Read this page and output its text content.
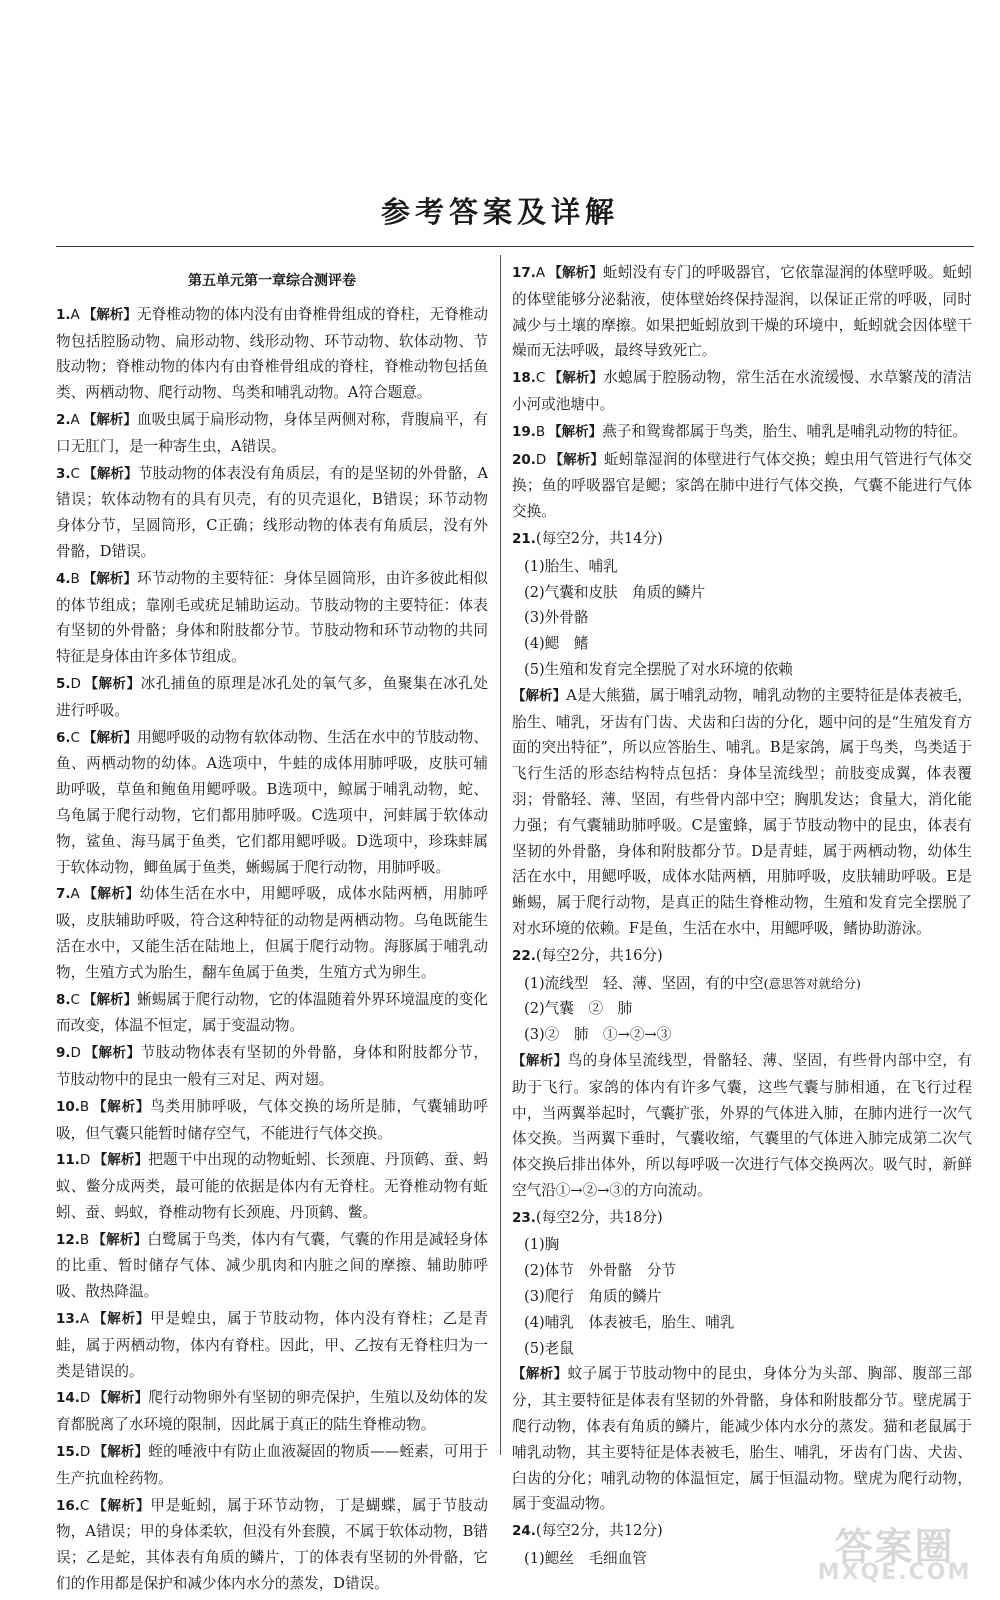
参考答案及详解
第五单元第一章综合测评卷
1.A 【解析】无脊椎动物的体内没有由脊椎骨组成的脊柱，无脊椎动物包括腔肠动物、扁形动物、线形动物、环节动物、软体动物、节肢动物；脊椎动物的体内有由脊椎骨组成的脊柱，脊椎动物包括鱼类、两栖动物、爬行动物、鸟类和哺乳动物。A符合题意。
2.A 【解析】血吸虫属于扁形动物，身体呈两侧对称，背腹扁平，有口无肛门，是一种寄生虫，A错误。
3.C 【解析】节肢动物的体表没有角质层，有的是坚韧的外骨骼，A错误；软体动物有的具有贝壳，有的贝壳退化，B错误；环节动物身体分节，呈圆筒形，C正确；线形动物的体表有角质层，没有外骨骼，D错误。
4.B 【解析】环节动物的主要特征：身体呈圆筒形，由许多彼此相似的体节组成；靠刚毛或疣足辅助运动。节肢动物的主要特征：体表有坚韧的外骨骼；身体和附肢都分节。节肢动物和环节动物的共同特征是身体由许多体节组成。
5.D 【解析】冰孔捕鱼的原理是冰孔处的氧气多，鱼聚集在冰孔处进行呼吸。
6.C 【解析】用鳃呼吸的动物有软体动物、生活在水中的节肢动物、鱼、两栖动物的幼体。A选项中，牛蛙的成体用肺呼吸，皮肤可辅助呼吸，草鱼和鲍鱼用鳃呼吸。B选项中，鲸属于哺乳动物，蛇、乌龟属于爬行动物，它们都用肺呼吸。C选项中，河蚌属于软体动物，鲨鱼、海马属于鱼类，它们都用鳃呼吸。D选项中，珍珠蚌属于软体动物，鲫鱼属于鱼类，蜥蜴属于爬行动物，用肺呼吸。
7.A 【解析】幼体生活在水中，用鳃呼吸，成体水陆两栖，用肺呼吸，皮肤辅助呼吸，符合这种特征的动物是两栖动物。乌龟既能生活在水中，又能生活在陆地上，但属于爬行动物。海豚属于哺乳动物，生殖方式为胎生，翻车鱼属于鱼类，生殖方式为卵生。
8.C 【解析】蜥蜴属于爬行动物，它的体温随着外界环境温度的变化而改变，体温不恒定，属于变温动物。
9.D 【解析】节肢动物体表有坚韧的外骨骼，身体和附肢都分节，节肢动物中的昆虫一般有三对足、两对翅。
10.B 【解析】鸟类用肺呼吸，气体交换的场所是肺，气囊辅助呼吸，但气囊只能暂时储存空气，不能进行气体交换。
11.D 【解析】把题干中出现的动物蚯蚓、长颈鹿、丹顶鹤、蚕、蚂蚁、鳖分成两类，最可能的依据是体内有无脊柱。无脊椎动物有蚯蚓、蚕、蚂蚁，脊椎动物有长颈鹿、丹顶鹤、鳖。
12.B 【解析】白鹭属于鸟类，体内有气囊，气囊的作用是减轻身体的比重、暂时储存气体、减少肌肉和内脏之间的摩擦、辅助肺呼吸、散热降温。
13.A 【解析】甲是蝗虫，属于节肢动物，体内没有脊柱；乙是青蛙，属于两栖动物，体内有脊柱。因此，甲、乙按有无脊柱归为一类是错误的。
14.D 【解析】爬行动物卵外有坚韧的卵壳保护，生殖以及幼体的发育都脱离了水环境的限制，因此属于真正的陆生脊椎动物。
15.D 【解析】蛭的唾液中有防止血液凝固的物质——蛭素，可用于生产抗血栓药物。
16.C 【解析】甲是蚯蚓，属于环节动物，丁是蝴蝶，属于节肢动物，A错误；甲的身体柔软，但没有外套膜，不属于软体动物，B错误；乙是蛇，其体表有角质的鳞片，丁的体表有坚韧的外骨骼，它们的作用都是保护和减少体内水分的蒸发，D错误。
17.A 【解析】蚯蚓没有专门的呼吸器官，它依靠湿润的体壁呼吸。蚯蚓的体壁能够分泌黏液，使体壁始终保持湿润，以保证正常的呼吸，同时减少与土壤的摩擦。如果把蚯蚓放到干燥的环境中，蚯蚓就会因体壁干燥而无法呼吸，最终导致死亡。
18.C 【解析】水螅属于腔肠动物，常生活在水流缓慢、水草繁茂的清洁小河或池塘中。
19.B 【解析】燕子和鸳鸯都属于鸟类，胎生、哺乳是哺乳动物的特征。
20.D 【解析】蚯蚓靠湿润的体壁进行气体交换；蝗虫用气管进行气体交换；鱼的呼吸器官是鳃；家鸽在肺中进行气体交换，气囊不能进行气体交换。
21.(每空2分，共14分)
(1)胎生、哺乳
(2)气囊和皮肤　角质的鳞片
(3)外骨骼
(4)鳃　鳍
(5)生殖和发育完全摆脱了对水环境的依赖
【解析】A是大熊猫，属于哺乳动物，哺乳动物的主要特征是体表被毛，胎生、哺乳，牙齿有门齿、犬齿和臼齿的分化，题中问的是“生殖发育方面的突出特征”，所以应答胎生、哺乳。B是家鸽，属于鸟类，鸟类适于飞行生活的形态结构特点包括：身体呈流线型；前肢变成翼，体表覆羽；骨骼轻、薄、坚固，有些骨内部中空；胸肌发达；食量大，消化能力强；有气囊辅助肺呼吸。C是蜜蜂，属于节肢动物中的昆虫，体表有坚韧的外骨骼，身体和附肢都分节。D是青蛙，属于两栖动物，幼体生活在水中，用鳃呼吸，成体水陆两栖，用肺呼吸，皮肤辅助呼吸。E是蜥蜴，属于爬行动物，是真正的陆生脊椎动物，生殖和发育完全摆脱了对水环境的依赖。F是鱼，生活在水中，用鳃呼吸，鳍协助游泳。
22.(每空2分，共16分)
(1)流线型　轻、薄、坚固，有的中空(意思答对就给分)
(2)气囊　②　肺
(3)②　肺　①→②→③
【解析】鸟的身体呈流线型，骨骼轻、薄、坚固，有些骨内部中空，有助于飞行。家鸽的体内有许多气囊，这些气囊与肺相通，在飞行过程中，当两翼举起时，气囊扩张，外界的气体进入肺，在肺内进行一次气体交换。当两翼下垂时，气囊收缩，气囊里的气体进入肺完成第二次气体交换后排出体外，所以每呼吸一次进行气体交换两次。吸气时，新鲜空气沿①→②→③的方向流动。
23.(每空2分，共18分)
(1)胸
(2)体节　外骨骼　分节
(3)爬行　角质的鳞片
(4)哺乳　体表被毛，胎生、哺乳
(5)老鼠
【解析】蚊子属于节肢动物中的昆虫，身体分为头部、胸部、腹部三部分，其主要特征是体表有坚韧的外骨骼，身体和附肢都分节。壁虎属于爬行动物，体表有角质的鳞片，能减少体内水分的蒸发。猫和老鼠属于哺乳动物，其主要特征是体表被毛，胎生、哺乳，牙齿有门齿、犬齿、臼齿的分化；哺乳动物的体温恒定，属于恒温动物。壁虎为爬行动物，属于变温动物。
24.(每空2分，共12分)
(1)鳃丝　毛细血管	答案圈
MXQE.COM
